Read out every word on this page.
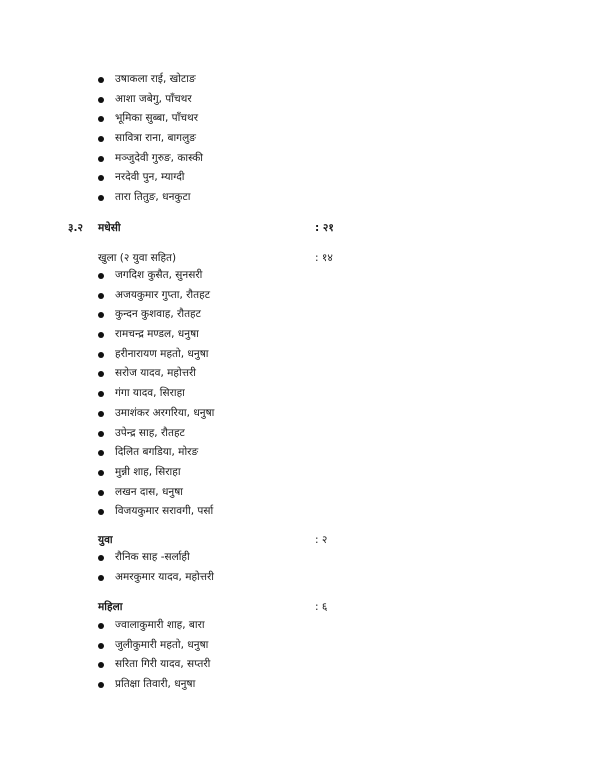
उषाकला राई, खोटाङ
आशा जबेगु, पाँचथर
भूमिका सुब्बा, पाँचथर
सावित्रा राना, बागलुङ
मञ्जुदेवी गुरुङ, कास्की
नरदेवी पुन, म्याग्दी
तारा तितुङ, धनकुटा
३.२ मधेसी	: २१
खुला (२ युवा सहित)	: १४
जगदिश कुसैत, सुनसरी
अजयकुमार गुप्ता, रौतहट
कुन्दन कुशवाह, रौतहट
रामचन्द्र मण्डल, धनुषा
हरीनारायण महतो, धनुषा
सरोज यादव, महोत्तरी
गंगा यादव, सिराहा
उमाशंकर अरगरिया, धनुषा
उपेन्द्र साह, रौतहट
दिलित बगडिया, मोरङ
मुन्नी शाह, सिराहा
लखन दास, धनुषा
विजयकुमार सरावगी, पर्सा
युवा	: २
रौनिक साह -सर्लाही
अमरकुमार यादव, महोत्तरी
महिला	: ६
ज्वालाकुमारी शाह, बारा
जुलीकुमारी महतो, धनुषा
सरिता गिरी यादव, सप्तरी
प्रतिक्षा तिवारी, धनुषा
